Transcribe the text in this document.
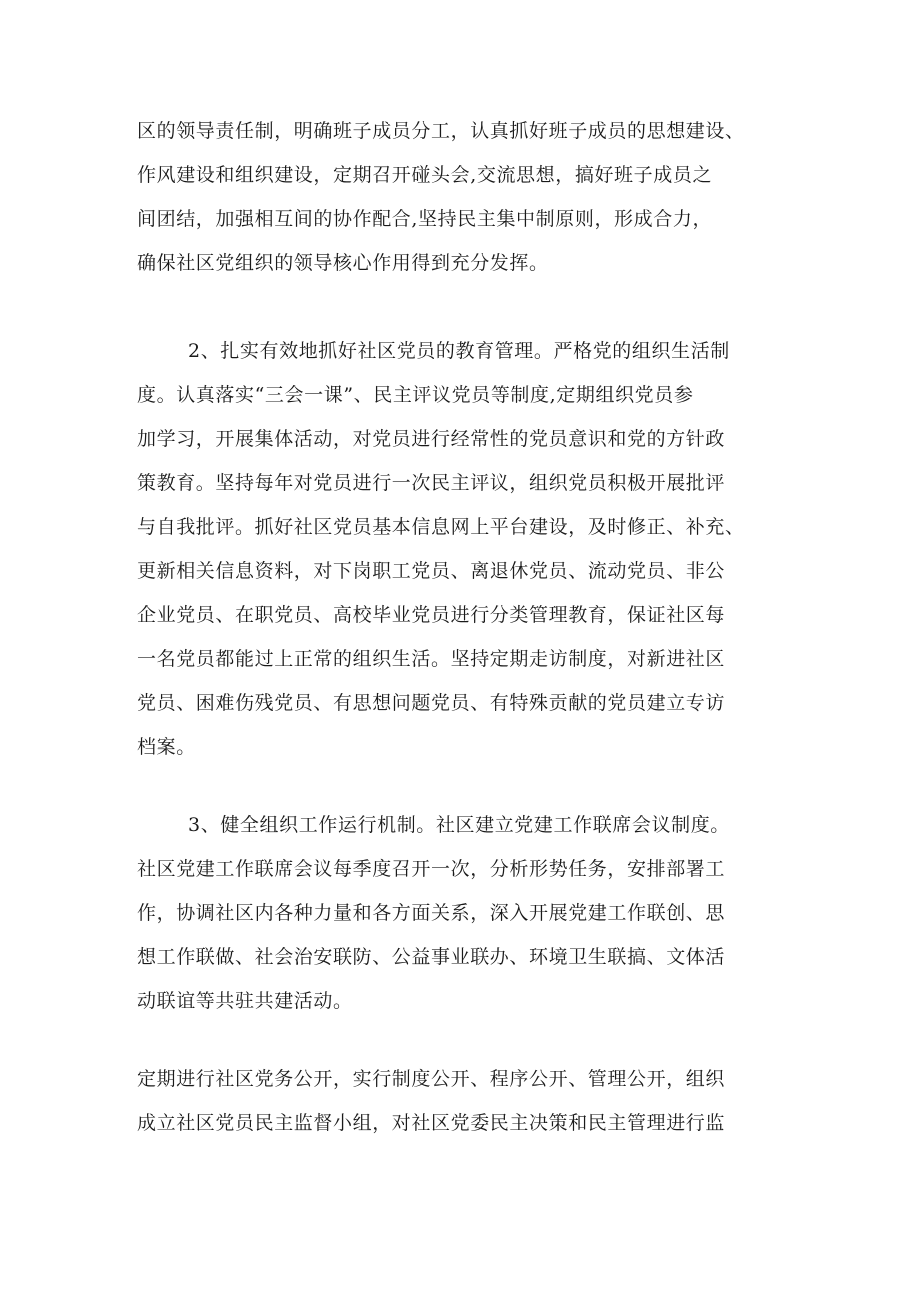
区的领导责任制，明确班子成员分工，认真抓好班子成员的思想建设、
作风建设和组织建设，定期召开碰头会,交流思想，搞好班子成员之
间团结，加强相互间的协作配合,坚持民主集中制原则，形成合力，
确保社区党组织的领导核心作用得到充分发挥。
2、扎实有效地抓好社区党员的教育管理。严格党的组织生活制
度。认真落实“三会一课”、民主评议党员等制度,定期组织党员参
加学习，开展集体活动，对党员进行经常性的党员意识和党的方针政
策教育。坚持每年对党员进行一次民主评议，组织党员积极开展批评
与自我批评。抓好社区党员基本信息网上平台建设，及时修正、补充、
更新相关信息资料，对下岗职工党员、离退休党员、流动党员、非公
企业党员、在职党员、高校毕业党员进行分类管理教育，保证社区每
一名党员都能过上正常的组织生活。坚持定期走访制度，对新进社区
党员、困难伤残党员、有思想问题党员、有特殊贡献的党员建立专访
档案。
3、健全组织工作运行机制。社区建立党建工作联席会议制度。
社区党建工作联席会议每季度召开一次，分析形势任务，安排部署工
作，协调社区内各种力量和各方面关系，深入开展党建工作联创、思
想工作联做、社会治安联防、公益事业联办、环境卫生联搞、文体活
动联谊等共驻共建活动。
定期进行社区党务公开，实行制度公开、程序公开、管理公开，组织
成立社区党员民主监督小组，对社区党委民主决策和民主管理进行监
